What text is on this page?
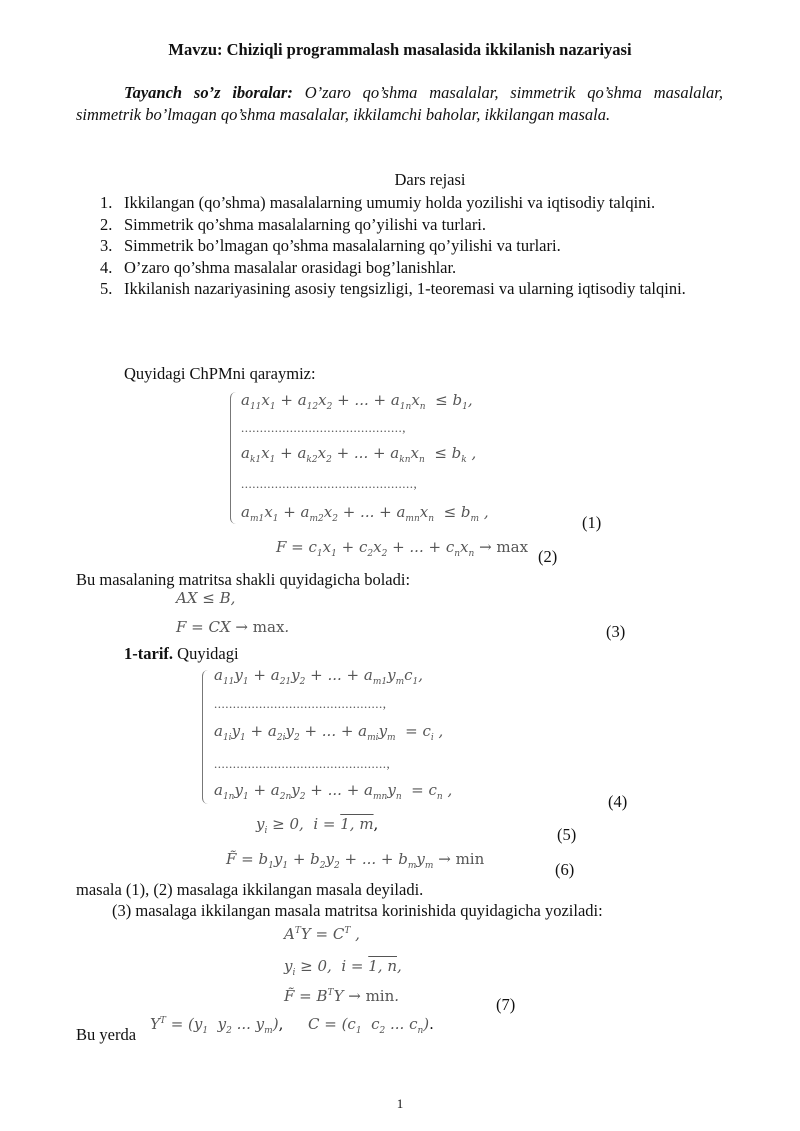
Mavzu: Chiziqli programmalash masalasida ikkilanish nazariyasi
Tayanch so’z iboralar: O’zaro qo’shma masalalar, simmetrik qo’shma masalalar, simmetrik bo’lmagan qo’shma masalalar, ikkilamchi baholar, ikkilangan masala.
Dars rejasi
1. Ikkilangan (qo’shma) masalalarning umumiy holda yozilishi va iqtisodiy talqini.
2. Simmetrik qo’shma masalalarning qo’yilishi va turlari.
3. Simmetrik bo’lmagan qo’shma masalalarning qo’yilishi va turlari.
4. O’zaro qo’shma masalalar orasidagi bog’lanishlar.
5. Ikkilanish nazariyasining asosiy tengsizligi, 1-teoremasi va ularning iqtisodiy talqini.
Quyidagi ChPMni qaraymiz:
$a_{11}x_1 + a_{12}x_2$ + ... + $a_{1n}x_n \le b_1$,
...........................................,
$a_{k1}x_1 + a_{k2}x_2$ + ... + $a_{kn}x_n \le b_k$ ,
..............................................,
$a_{m1}x_1 + a_{m2}x_2$ + ... + $a_{mn}x_n \le b_m$ ,
(1)
$F = c_1x_1 + c_2x_2$ + ... + $c_nx_n \to \max (2)$
Bu masalaning matritsa shakli quyidagicha boladi:
AX ≤ B,
F = CX → max.	(3)
1-tarif. Quyidagi
$a_{11}y_1 + a_{21}y_2$ + ... + $a_{m1}y_mc_1$,
.............................................,
$a_{1i}y_1 + a_{2i}y_2$ + ... + $a_{mi}y_m = c_i$ ,
..............................................,
$a_{1n}y_1 + a_{2n}y_2$ + ... + $a_{mn}y_n = c_n$ ,
(4)
$y_i \ge 0$,  i = 1, m,
(5)
F̃ = $b_1y_1 + b_2y_2$ + ... + $b_my_m \to \min$
(6)
masala (1), (2) masalaga ikkilangan masala deyiladi.
(3) masalaga ikkilangan masala matritsa korinishida quyidagicha yoziladi:
$A^TY = C^T$ ,
$y_i \ge 0$,  i = 1, n,
F̃ = $B^TY \to \min$.	(7)
Bu yerda
$Y^T = (y_1$  $y_2$ ... $y_m$), $C = (c_1$  $c_2$ ... $c_n$).
1
